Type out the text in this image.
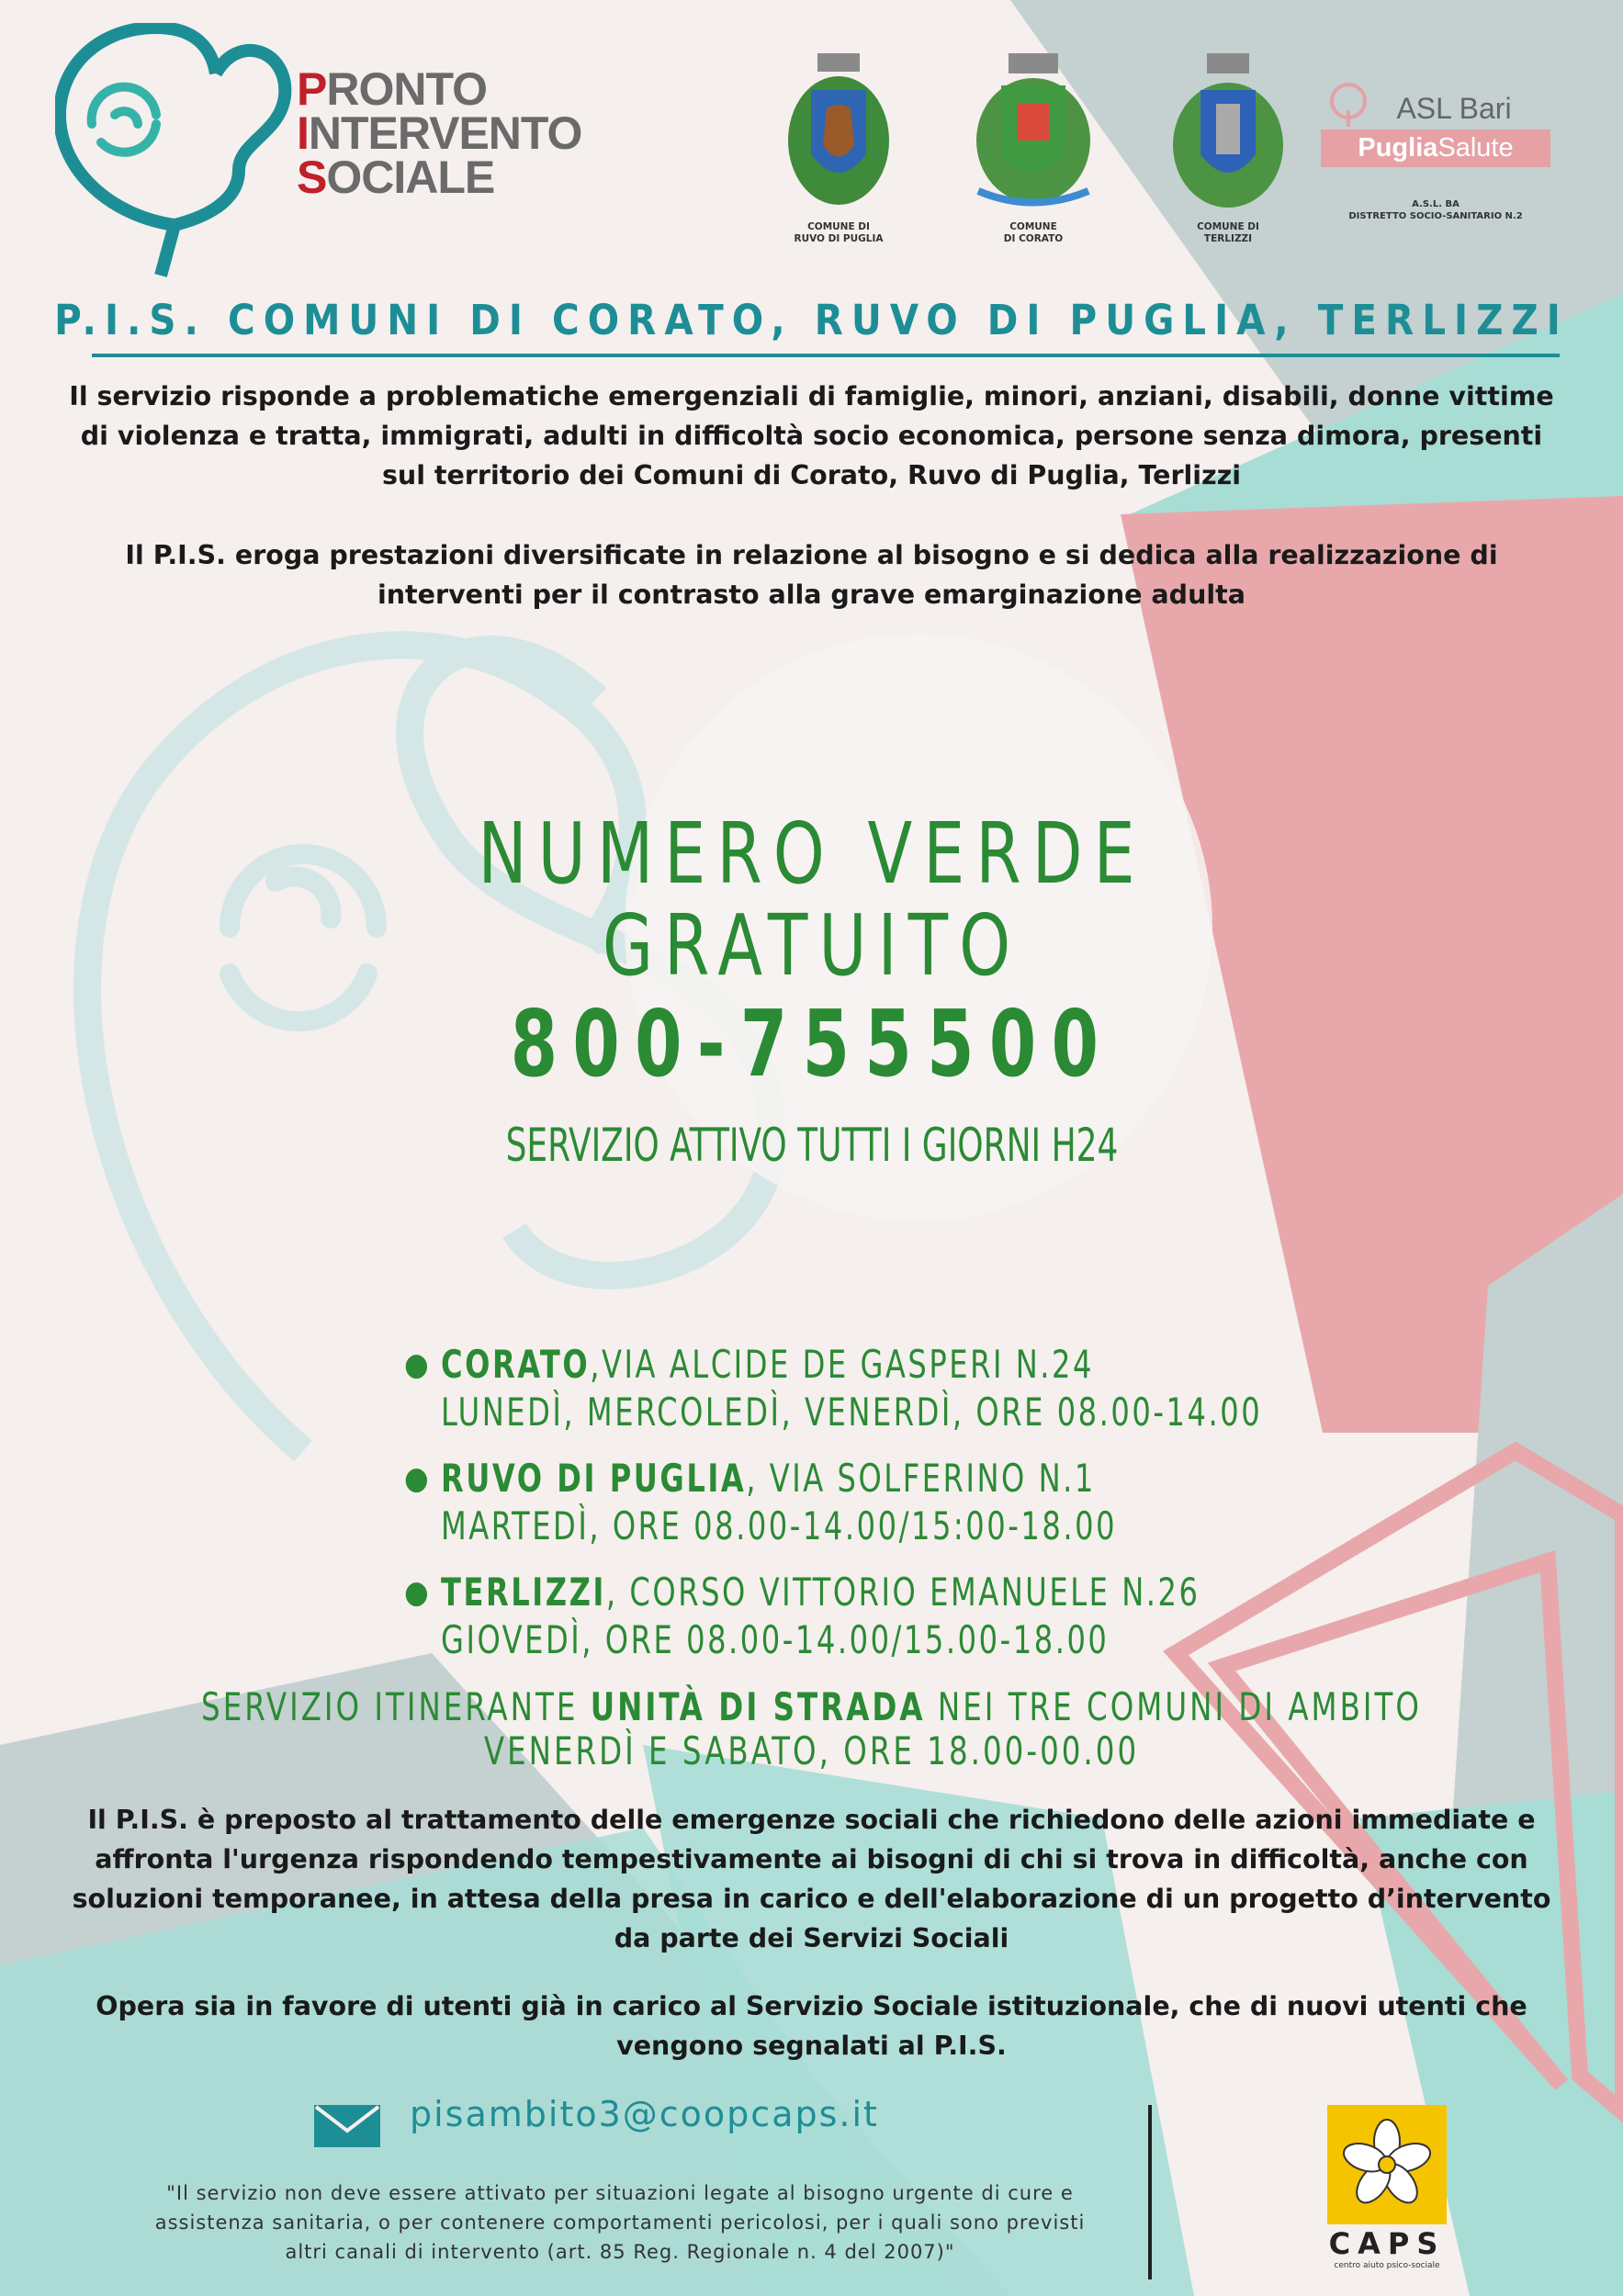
PRONTO
INTERVENTO
SOCIALE
COMUNE DI
RUVO DI PUGLIA
COMUNE
DI CORATO
COMUNE DI
TERLIZZI
ASL Bari
PugliaSalute
A.S.L. BA
DISTRETTO SOCIO-SANITARIO N.2
P.I.S. COMUNI DI CORATO, RUVO DI PUGLIA, TERLIZZI
Il servizio risponde a problematiche emergenziali di famiglie, minori, anziani, disabili, donne vittime di violenza e tratta, immigrati, adulti in difficoltà socio economica, persone senza dimora, presenti sul territorio dei Comuni di Corato, Ruvo di Puglia, Terlizzi
Il P.I.S. eroga prestazioni diversificate in relazione al bisogno e si dedica alla realizzazione di interventi per il contrasto alla grave emarginazione adulta
NUMERO VERDE
GRATUITO
800-755500
SERVIZIO ATTIVO TUTTI I GIORNI H24
● CORATO,VIA ALCIDE DE GASPERI N.24
LUNEDÌ, MERCOLEDÌ, VENERDÌ, ORE 08.00-14.00
● RUVO DI PUGLIA, VIA SOLFERINO N.1
MARTEDÌ, ORE 08.00-14.00/15:00-18.00
● TERLIZZI, CORSO VITTORIO EMANUELE N.26
GIOVEDÌ, ORE 08.00-14.00/15.00-18.00
SERVIZIO ITINERANTE UNITÀ DI STRADA NEI TRE COMUNI DI AMBITO
VENERDÌ E SABATO, ORE 18.00-00.00
Il P.I.S. è preposto al trattamento delle emergenze sociali che richiedono delle azioni immediate e affronta l'urgenza rispondendo tempestivamente ai bisogni di chi si trova in difficoltà, anche con soluzioni temporanee, in attesa della presa in carico e dell'elaborazione di un progetto d’intervento da parte dei Servizi Sociali
Opera sia in favore di utenti già in carico al Servizio Sociale istituzionale, che di nuovi utenti che vengono segnalati al P.I.S.
pisambito3@coopcaps.it
"Il servizio non deve essere attivato per situazioni legate al bisogno urgente di cure e assistenza sanitaria, o per contenere comportamenti pericolosi, per i quali sono previsti altri canali di intervento (art. 85 Reg. Regionale n. 4 del 2007)"	CAPS
centro aiuto psico-sociale
